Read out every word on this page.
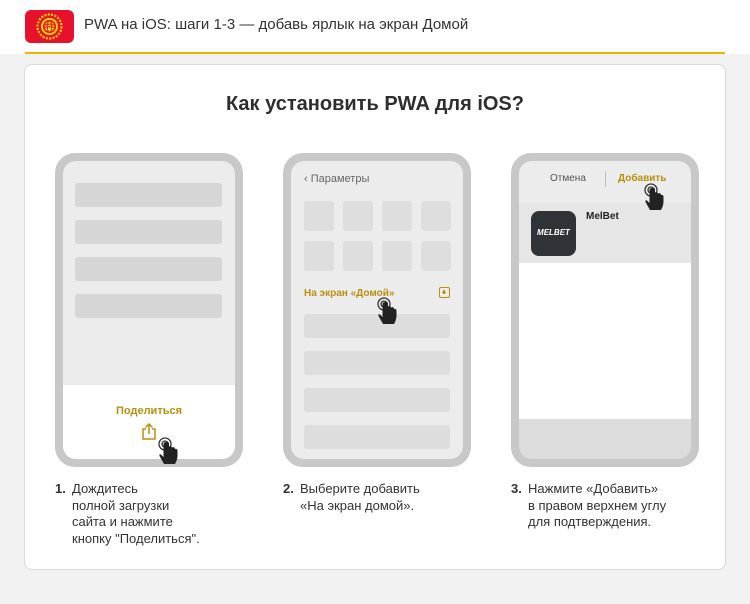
PWA на iOS: шаги 1-3 — добавь ярлык на экран Домой
Как установить PWA для iOS?
Поделиться
‹ Параметры
На экран «Домой»
Отмена	Добавить
MELBET
MelBet
1. Дождитесь
полной загрузки
сайта и нажмите
кнопку "Поделиться".
2. Выберите добавить
«На экран домой».
3. Нажмите «Добавить»
в правом верхнем углу
для подтверждения.
